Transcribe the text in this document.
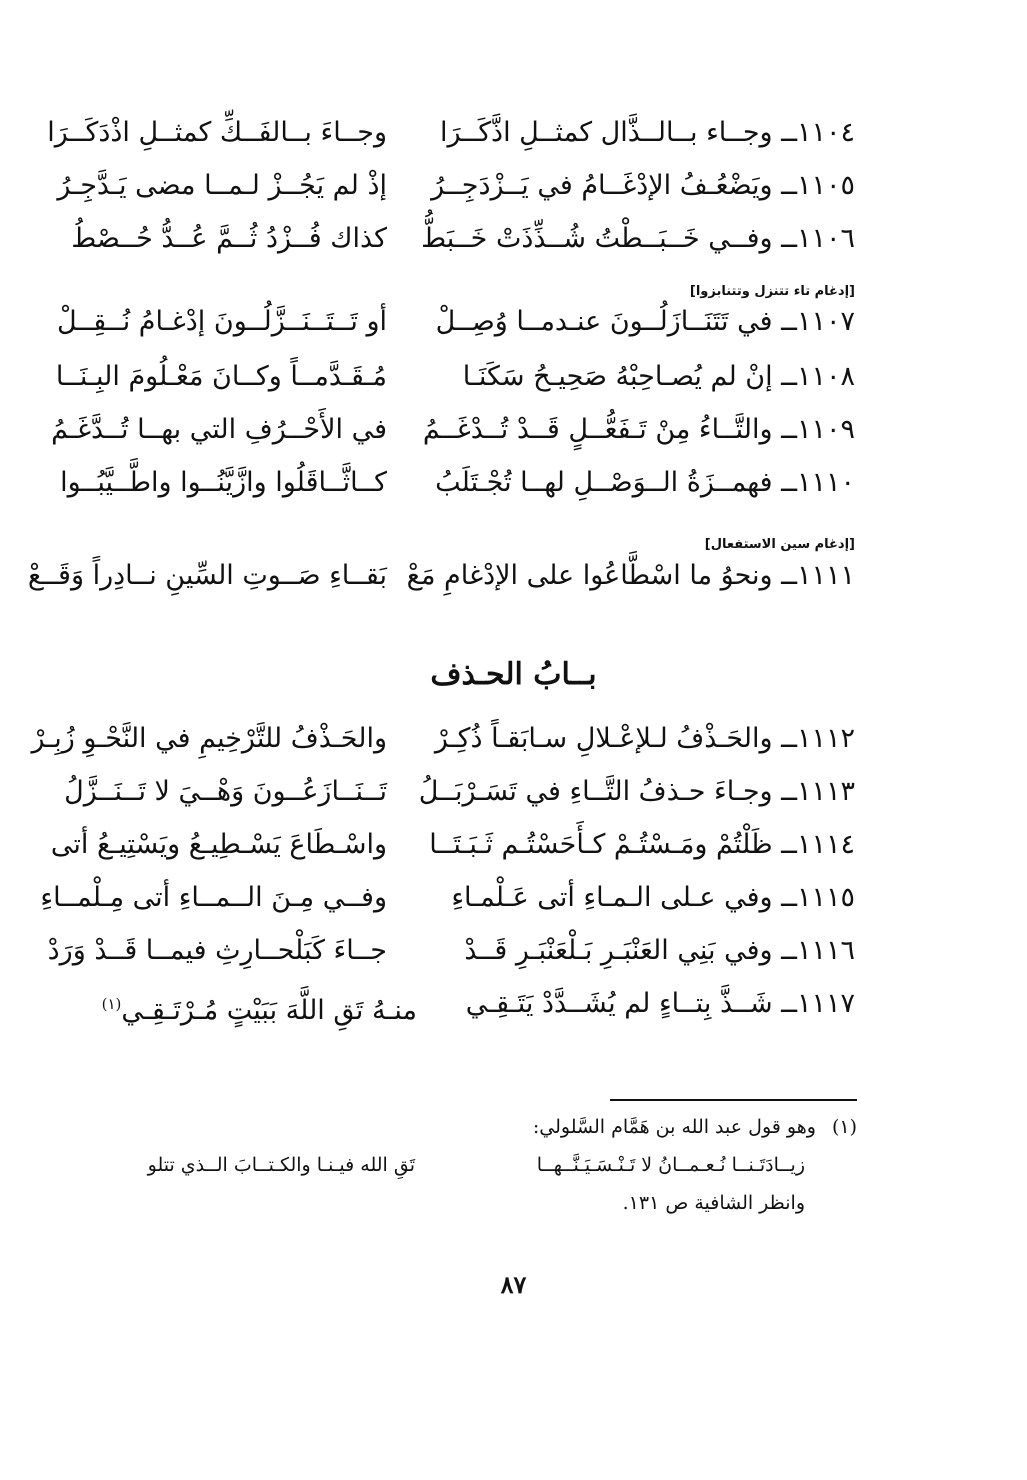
١١٠٤ــ وجــاء بــالــذَّال كمثــلِ اذَّكَــرَا
وجــاءَ بــالفَــكِّ كمثــلِ اذْدَكَــرَا
١١٠٥ــ ويَضْعُـفُ الإدْغَــامُ في يَــزْدَجِــرُ
إذْ لم يَجُــزْ لـمــا مضى يَـدَّجِـرُ
١١٠٦ــ وفــي خَــبَــطْتُ شُــذِّذَتْ خَــبَطُّ
كذاك فُــزْدُ ثُــمَّ عُــدُّ حُــصْطُ
[إدغام تاء تتنزل وتتنابزوا]
١١٠٧ــ في تَتَنَــازَلُــونَ عنـدمــا وُصِــلْ
أو تَــتَــنَــزَّلُــونَ إدْغـامُ نُــقِــلْ
١١٠٨ــ إنْ لم يُصـاحِبْهُ صَحِيـحُ سَكَنَـا
مُـقَـدَّمــاً وكــانَ مَعْـلُومَ البِـنَــا
١١٠٩ــ والتَّــاءُ مِنْ تَـفَعُّــلٍ قَــدْ تُــدْغَــمُ
في الأَحْــرُفِ التي بهــا تُــدَّغَـمُ
١١١٠ــ فهمــزَةُ الــوَصْــلِ لهــا تُجْـتَلَبُ
كــاثَّــاقَلُوا وازَّيَّنُــوا واطَّــيَّبُــوا
[إدغام سين الاستفعال]
١١١١ــ ونحوُ ما اسْطَّاعُوا على الإدْغامِ مَعْ
بَقــاءِ صَــوتِ السِّينِ نــادِراً وَقَــعْ
بــابُ الحـذف
١١١٢ــ والحَـذْفُ لـلإعْـلالِ سـابَقـاً ذُكِـرْ
والحَـذْفُ للتَّرْخِيمِ في النَّحْـوِ زُبِـرْ
١١١٣ــ وجـاءَ حـذفُ التَّــاءِ في تَسَـرْبَــلُ
تَــنَــازَعُــونَ وَهْــيَ لا تَــنَــزَّلُ
١١١٤ــ ظَلْتُمْ ومَـسْتُـمْ كـأَحَسْتُـم ثَـبَـتَــا
واسْـطَاعَ يَسْـطِيـعُ ويَسْتِيـعُ أتى
١١١٥ــ وفي عـلى الـمـاءِ أتى عَـلْمـاءِ
وفــي مِـنَ الــمــاءِ أتى مِـلْمــاءِ
١١١٦ــ وفي بَنِي العَنْبَـرِ بَـلْعَنْبَـرِ قَــدْ
جــاءَ كَبَلْحــارِثِ فيمــا قَــدْ وَرَدْ
١١١٧ــ شَــذَّ بِتــاءٍ لم يُشَــدَّدْ يَتَـقِـي
منـهُ تَقِ اللَّهَ بَبَيْتٍ مُـرْتَـقِـي$^{(١)}$
(١) وهو قول عبد الله بن هَمَّام السَّلولي:
زيــادَتَـنــا نُـعـمــانُ لا تَـنْـسَـيَـنَّــهــا
تَقِ الله فيـنـا والكـتــابَ الــذي تتلو
وانظر الشافية ص ١٣١.
٨٧
